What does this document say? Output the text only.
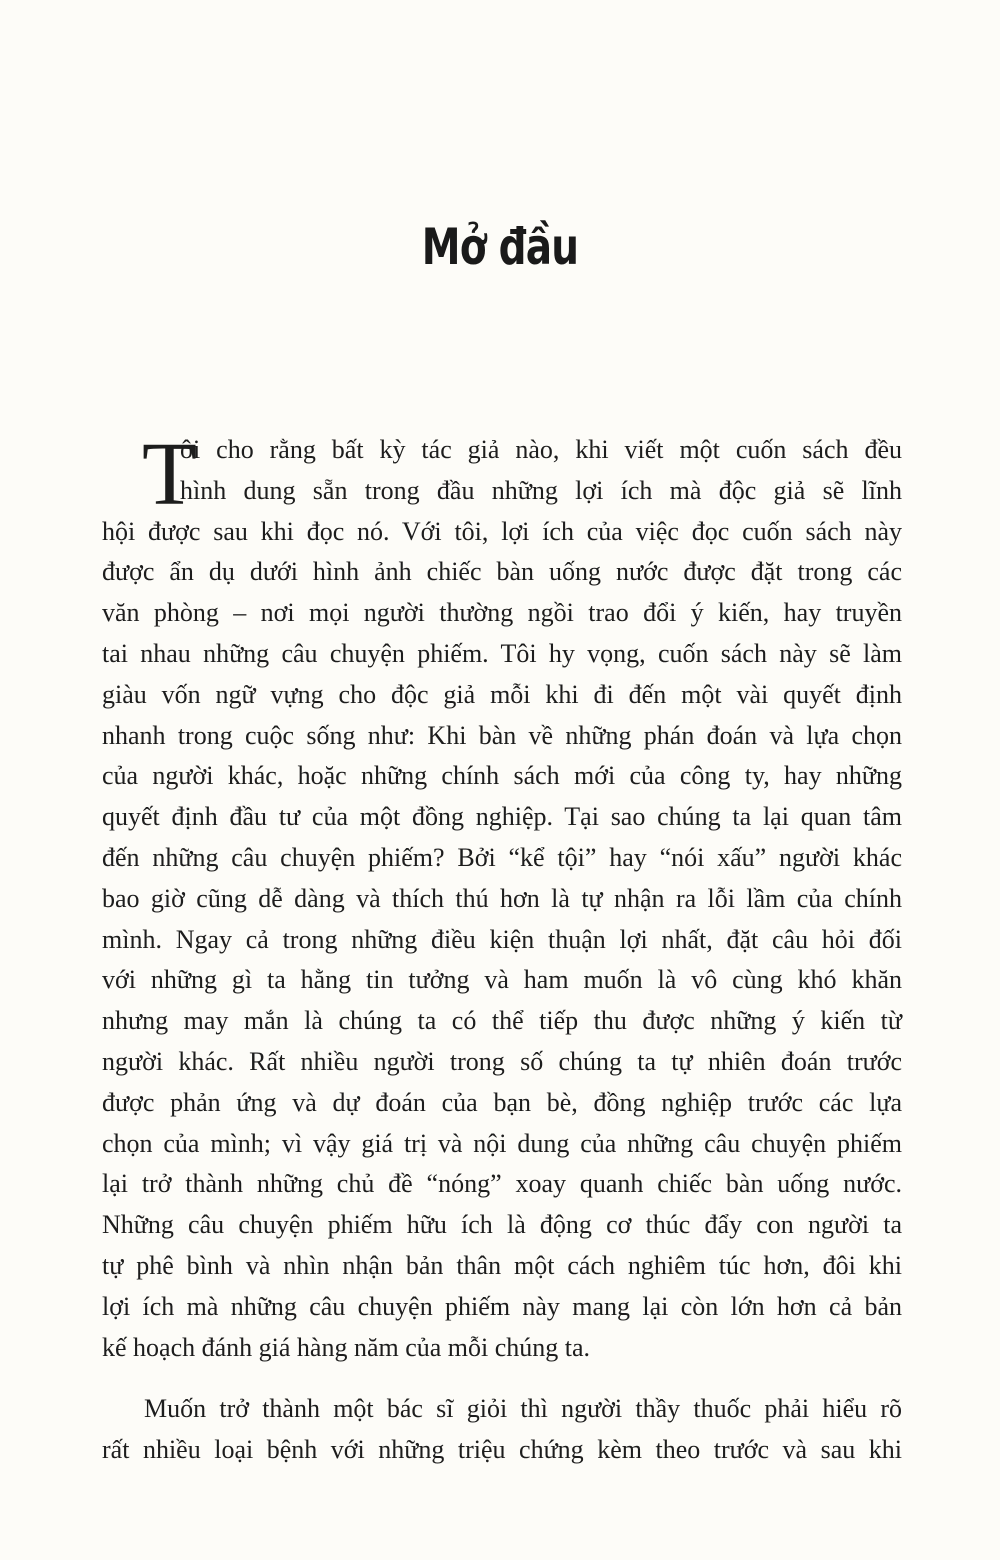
Mở đầu
T
ôi cho rằng bất kỳ tác giả nào, khi viết một cuốn sách đều
hình dung sẵn trong đầu những lợi ích mà độc giả sẽ lĩnh
hội được sau khi đọc nó. Với tôi, lợi ích của việc đọc cuốn sách này
được ẩn dụ dưới hình ảnh chiếc bàn uống nước được đặt trong các
văn phòng – nơi mọi người thường ngồi trao đổi ý kiến, hay truyền
tai nhau những câu chuyện phiếm. Tôi hy vọng, cuốn sách này sẽ làm
giàu vốn ngữ vựng cho độc giả mỗi khi đi đến một vài quyết định
nhanh trong cuộc sống như: Khi bàn về những phán đoán và lựa chọn
của người khác, hoặc những chính sách mới của công ty, hay những
quyết định đầu tư của một đồng nghiệp. Tại sao chúng ta lại quan tâm
đến những câu chuyện phiếm? Bởi “kể tội” hay “nói xấu” người khác
bao giờ cũng dễ dàng và thích thú hơn là tự nhận ra lỗi lầm của chính
mình. Ngay cả trong những điều kiện thuận lợi nhất, đặt câu hỏi đối
với những gì ta hằng tin tưởng và ham muốn là vô cùng khó khăn
nhưng may mắn là chúng ta có thể tiếp thu được những ý kiến từ
người khác. Rất nhiều người trong số chúng ta tự nhiên đoán trước
được phản ứng và dự đoán của bạn bè, đồng nghiệp trước các lựa
chọn của mình; vì vậy giá trị và nội dung của những câu chuyện phiếm
lại trở thành những chủ đề “nóng” xoay quanh chiếc bàn uống nước.
Những câu chuyện phiếm hữu ích là động cơ thúc đẩy con người ta
tự phê bình và nhìn nhận bản thân một cách nghiêm túc hơn, đôi khi
lợi ích mà những câu chuyện phiếm này mang lại còn lớn hơn cả bản
kế hoạch đánh giá hàng năm của mỗi chúng ta.
Muốn trở thành một bác sĩ giỏi thì người thầy thuốc phải hiểu rõ
rất nhiều loại bệnh với những triệu chứng kèm theo trước và sau khi
